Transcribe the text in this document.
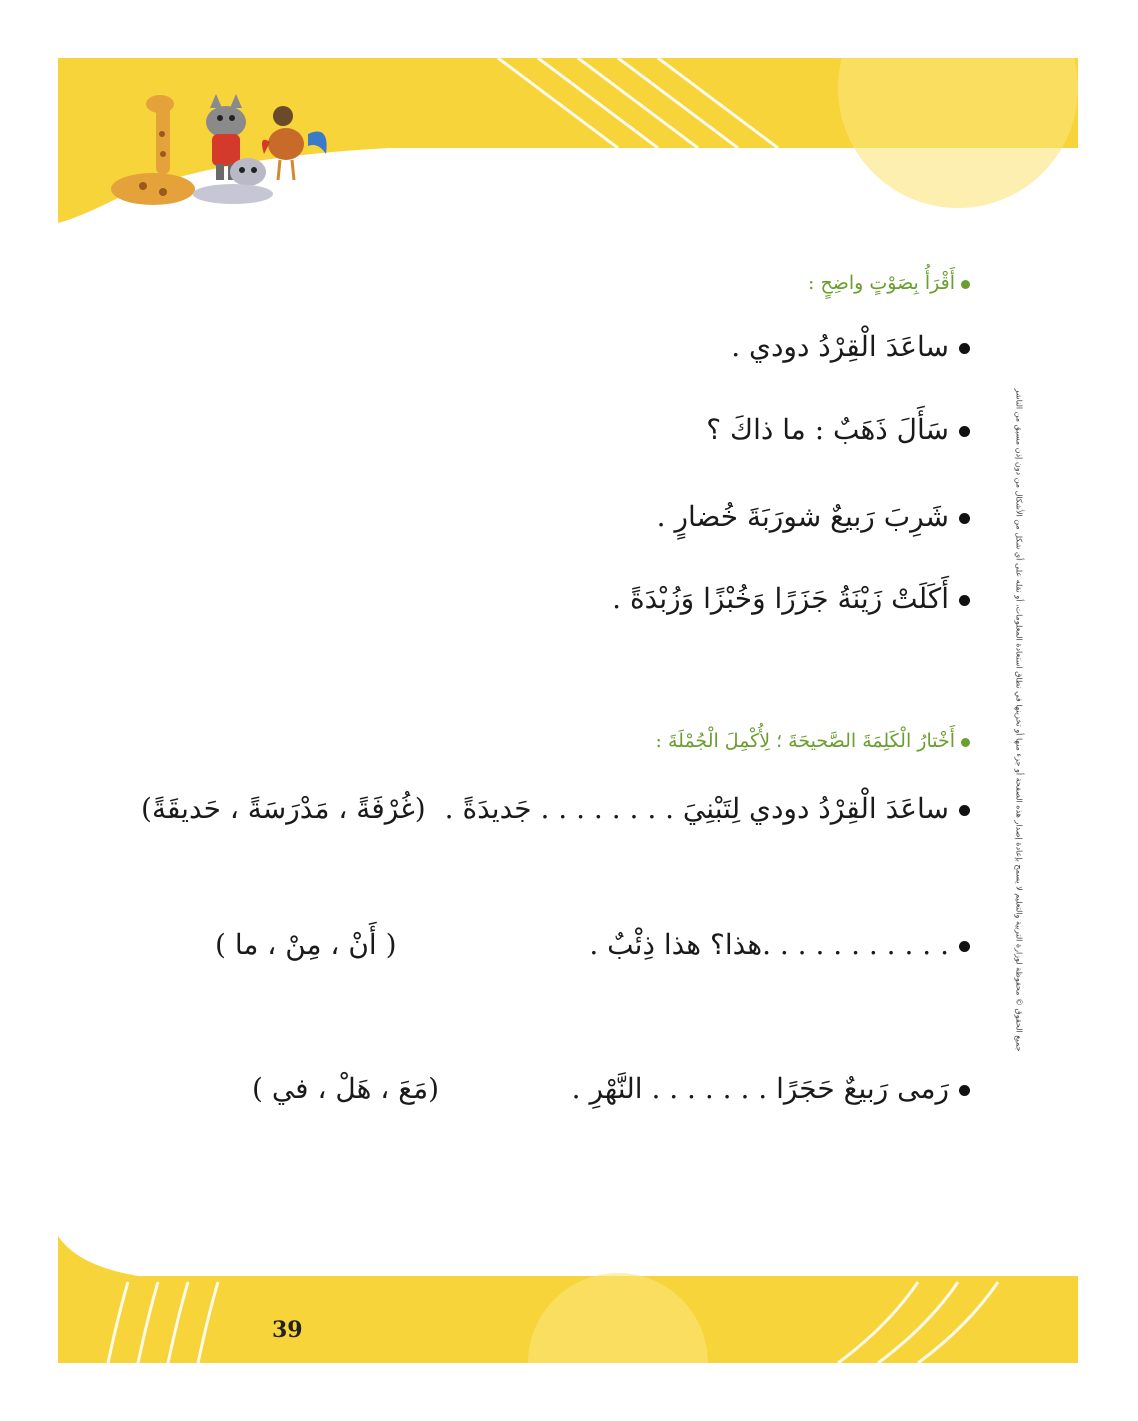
جميع الحقوق © محفوظة لوزارة التربية والتعليم لا يسمح بإعادة إصدار هذه الصفحة أو جزء منها أو تخزينها في نطاق استعادة المعلومات، أو نقله على أي شكل من الأشكال من دون إذن مسبق من الناشر
أَقْرَأُ بِصَوْتٍ واضِحٍ :
ساعَدَ الْقِرْدُ دودي .
سَأَلَ ذَهَبٌ : ما ذاكَ ؟
شَرِبَ رَبيعٌ شورَبَةَ خُضارٍ .
أَكَلَتْ زَيْنَةُ جَزَرًا وَخُبْزًا وَزُبْدَةً .
أَخْتارُ الْكَلِمَةَ الصَّحيحَةَ ؛ لِأُكْمِلَ الْجُمْلَةَ :
ساعَدَ الْقِرْدُ دودي لِتَبْنِيَ . . . . . . . . جَديدَةً . (غُرْفَةً ، مَدْرَسَةً ، حَديقَةً)
. . . . . . . . . . .هذا؟ هذا ذِئْبٌ .
( أَنْ ، مِنْ ، ما )
رَمى رَبيعٌ حَجَرًا . . . . . . . النَّهْرِ .
(مَعَ ، هَلْ ، في )
39
